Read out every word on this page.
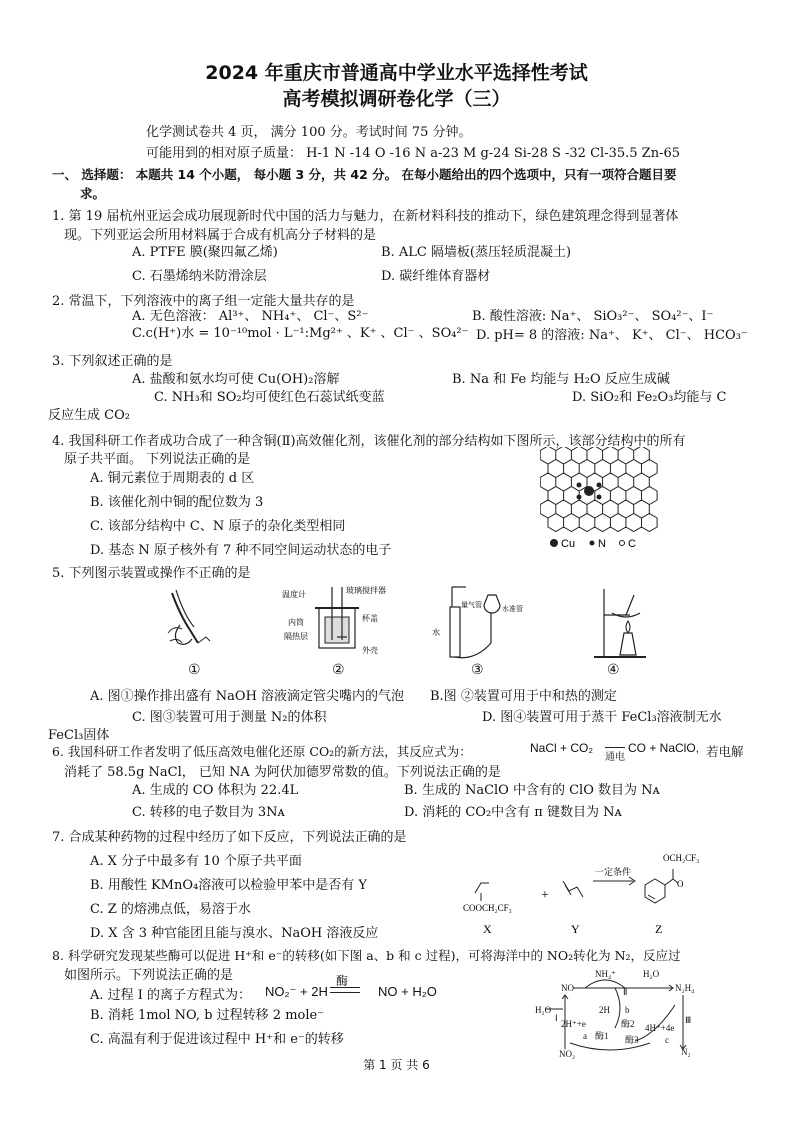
2024 年重庆市普通高中学业水平选择性考试
高考模拟调研卷化学（三）
化学测试卷共 4 页， 满分 100 分。考试时间 75 分钟。
可能用到的相对原子质量： H-1 N -14 O -16 N a-23 M g-24 Si-28 S -32 Cl-35.5 Zn-65
一、 选择题： 本题共 14 个小题， 每小题 3 分，共 42 分。 在每小题给出的四个选项中，只有一项符合题目要
求。
1. 第 19 届杭州亚运会成功展现新时代中国的活力与魅力，在新材料科技的推动下，绿色建筑理念得到显著体
现。下列亚运会所用材料属于合成有机高分子材料的是
A. PTFE 膜(聚四氟乙烯)	B. ALC 隔墙板(蒸压轻质混凝土)
C. 石墨烯纳米防滑涂层	D. 碳纤维体育器材
2. 常温下，下列溶液中的离子组一定能大量共存的是
A. 无色溶液： Al³⁺、 NH₄⁺、 Cl⁻、S²⁻	B. 酸性溶液: Na⁺、 SiO₃²⁻、 SO₄²⁻、I⁻
C.c(H⁺)水 = 10⁻¹⁰mol · L⁻¹:Mg²⁺ 、K⁺ 、Cl⁻ 、SO₄²⁻ D. pH= 8 的溶液: Na⁺、 K⁺、 Cl⁻、 HCO₃⁻
3. 下列叙述正确的是
A. 盐酸和氨水均可使 Cu(OH)₂溶解	B. Na 和 Fe 均能与 H₂O 反应生成碱
C. NH₃和 SO₂均可使红色石蕊试纸变蓝	D. SiO₂和 Fe₂O₃均能与 C
反应生成 CO₂
4. 我国科研工作者成功合成了一种含铜(Ⅱ)高效催化剂，该催化剂的部分结构如下图所示，该部分结构中的所有
原子共平面。 下列说法正确的是
A. 铜元素位于周期表的 d 区
B. 该催化剂中铜的配位数为 3
C. 该部分结构中 C、N 原子的杂化类型相同
D. 基态 N 原子核外有 7 种不同空间运动状态的电子	Cu N C
5. 下列图示装置或操作不正确的是
①
温度计	玻璃搅拌器
内筒	杯盖
隔热层
外壳
②
量气管	水准管
水
③	④
A. 图①操作排出盛有 NaOH 溶液滴定管尖嘴内的气泡 B.图 ②装置可用于中和热的测定
C. 图③装置可用于测量 N₂的体积	D. 图④装置可用于蒸干 FeCl₃溶液制无水
FeCl₃固体
6. 我国科研工作者发明了低压高效电催化还原 CO₂的新方法，其反应式为：	NaCl + CO₂
通电
CO + NaClO, 若电解
消耗了 58.5g NaCl， 已知 NA 为阿伏加德罗常数的值。下列说法正确的是
A. 生成的 CO 体积为 22.4L	B. 生成的 NaClO 中含有的 ClO 数目为 Nᴀ
C. 转移的电子数目为 3Nᴀ	D. 消耗的 CO₂中含有 π 键数目为 Nᴀ
7. 合成某种药物的过程中经历了如下反应，下列说法正确的是
A. X 分子中最多有 10 个原子共平面
B. 用酸性 KMnO₄溶液可以检验甲苯中是否有 Y
C. Z 的熔沸点低，易溶于水
D. X 含 3 种官能团且能与溴水、NaOH 溶液反应
COOCH₂CF₃
X
+
Y
一定条件
OCH₂CF₃
O
Z
8. 科学研究发现某些酶可以促进 H⁺和 e⁻的转移(如下图 a、b 和 c 过程)，可将海洋中的 NO₂转化为 N₂，反应过
如图所示。下列说法正确的是
A. 过程 Ⅰ 的离子方程式为： NO₂⁻ + 2H
酶
NO + H₂O
B. 消耗 1mol NO, b 过程转移 2 mole⁻
C. 高温有利于促进该过程中 H⁺和 e⁻的转移
NH₄⁺	H₂O
NO	N₂H₄
H₂O	2H b
Ⅱ
Ⅰ	Ⅲ
2H⁺+e
a 酶1
酶2
酶3
4H⁺+4e
c
NO₂	N₂
第 1 页 共 6
